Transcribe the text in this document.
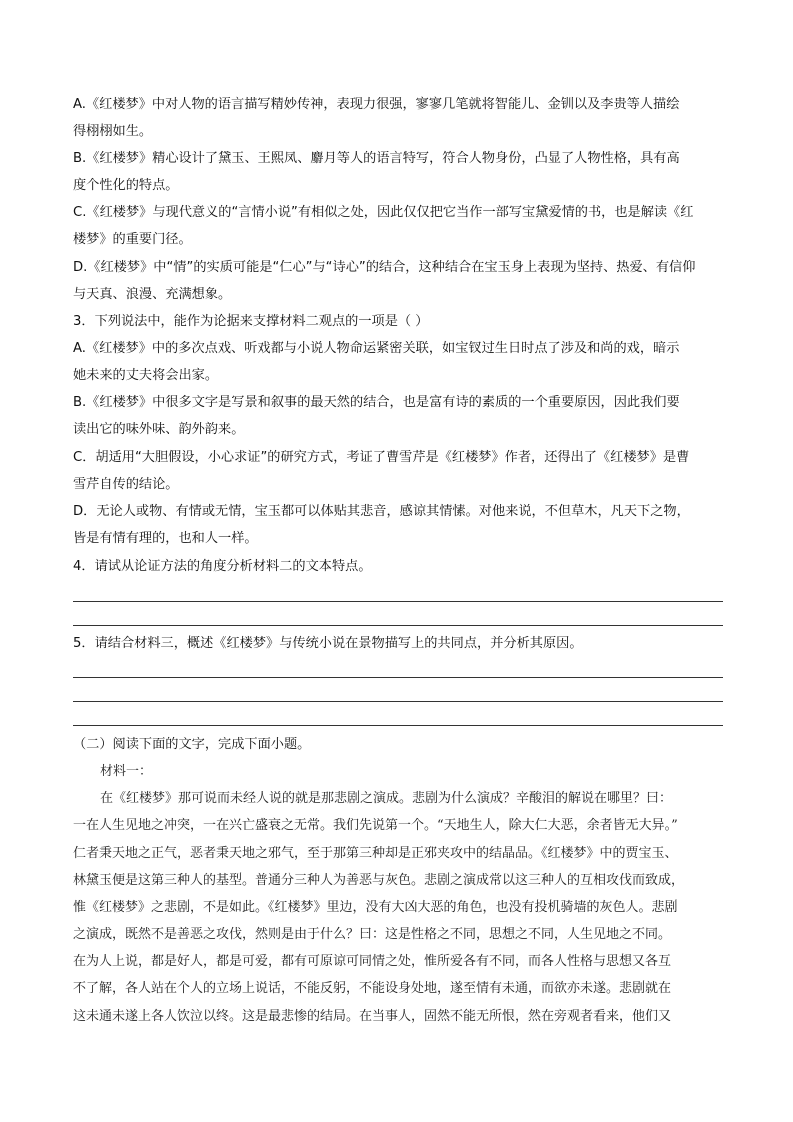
A.《红楼梦》中对人物的语言描写精妙传神，表现力很强，寥寥几笔就将智能儿、金钏以及李贵等人描绘
得栩栩如生。
B.《红楼梦》精心设计了黛玉、王熙凤、麝月等人的语言特写，符合人物身份，凸显了人物性格，具有高
度个性化的特点。
C.《红楼梦》与现代意义的“言情小说”有相似之处，因此仅仅把它当作一部写宝黛爱情的书，也是解读《红
楼梦》的重要门径。
D.《红楼梦》中“情”的实质可能是“仁心”与“诗心”的结合，这种结合在宝玉身上表现为坚持、热爱、有信仰
与天真、浪漫、充满想象。
3．下列说法中，能作为论据来支撑材料二观点的一项是（ ）
A.《红楼梦》中的多次点戏、听戏都与小说人物命运紧密关联，如宝钗过生日时点了涉及和尚的戏，暗示
她未来的丈夫将会出家。
B.《红楼梦》中很多文字是写景和叙事的最天然的结合，也是富有诗的素质的一个重要原因，因此我们要
读出它的味外味、韵外韵来。
C．胡适用“大胆假设，小心求证”的研究方式，考证了曹雪芹是《红楼梦》作者，还得出了《红楼梦》是曹
雪芹自传的结论。
D．无论人或物、有情或无情，宝玉都可以体贴其悲音，感谅其情愫。对他来说，不但草木，凡天下之物，
皆是有情有理的，也和人一样。
4．请试从论证方法的角度分析材料二的文本特点。
5．请结合材料三，概述《红楼梦》与传统小说在景物描写上的共同点，并分析其原因。
（二）阅读下面的文字，完成下面小题。
材料一：
在《红楼梦》那可说而未经人说的就是那悲剧之演成。悲剧为什么演成？辛酸泪的解说在哪里？曰：
一在人生见地之冲突，一在兴亡盛衰之无常。我们先说第一个。“天地生人，除大仁大恶，余者皆无大异。”
仁者秉天地之正气，恶者秉天地之邪气，至于那第三种却是正邪夹攻中的结晶品。《红楼梦》中的贾宝玉、
林黛玉便是这第三种人的基型。普通分三种人为善恶与灰色。悲剧之演成常以这三种人的互相攻伐而致成，
惟《红楼梦》之悲剧，不是如此。《红楼梦》里边，没有大凶大恶的角色，也没有投机骑墙的灰色人。悲剧
之演成，既然不是善恶之攻伐，然则是由于什么？曰：这是性格之不同，思想之不同，人生见地之不同。
在为人上说，都是好人，都是可爱，都有可原谅可同情之处，惟所爱各有不同，而各人性格与思想又各互
不了解，各人站在个人的立场上说话，不能反躬，不能设身处地，遂至情有未通，而欲亦未遂。悲剧就在
这未通未遂上各人饮泣以终。这是最悲惨的结局。在当事人，固然不能无所恨，然在旁观者看来，他们又
